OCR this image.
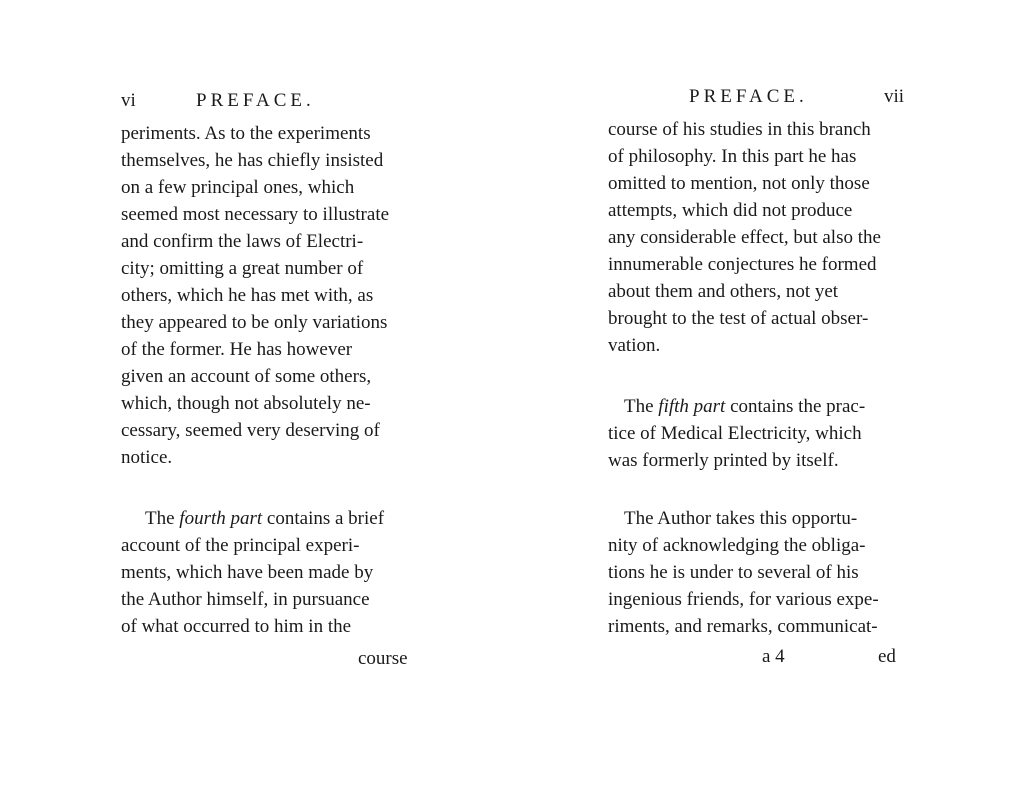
vi	PREFACE.
periments. As to the experiments
themselves, he has chiefly insisted
on a few principal ones, which
seemed most necessary to illustrate
and confirm the laws of Electri-
city; omitting a great number of
others, which he has met with, as
they appeared to be only variations
of the former. He has however
given an account of some others,
which, though not absolutely ne-
cessary, seemed very deserving of
notice.
The fourth part contains a brief
account of the principal experi-
ments, which have been made by
the Author himself, in pursuance
of what occurred to him in the
course
PREFACE.	vii
course of his studies in this branch
of philosophy. In this part he has
omitted to mention, not only those
attempts, which did not produce
any considerable effect, but also the
innumerable conjectures he formed
about them and others, not yet
brought to the test of actual obser-
vation.
The fifth part contains the prac-
tice of Medical Electricity, which
was formerly printed by itself.
The Author takes this opportu-
nity of acknowledging the obliga-
tions he is under to several of his
ingenious friends, for various expe-
riments, and remarks, communicat-
a 4	ed
